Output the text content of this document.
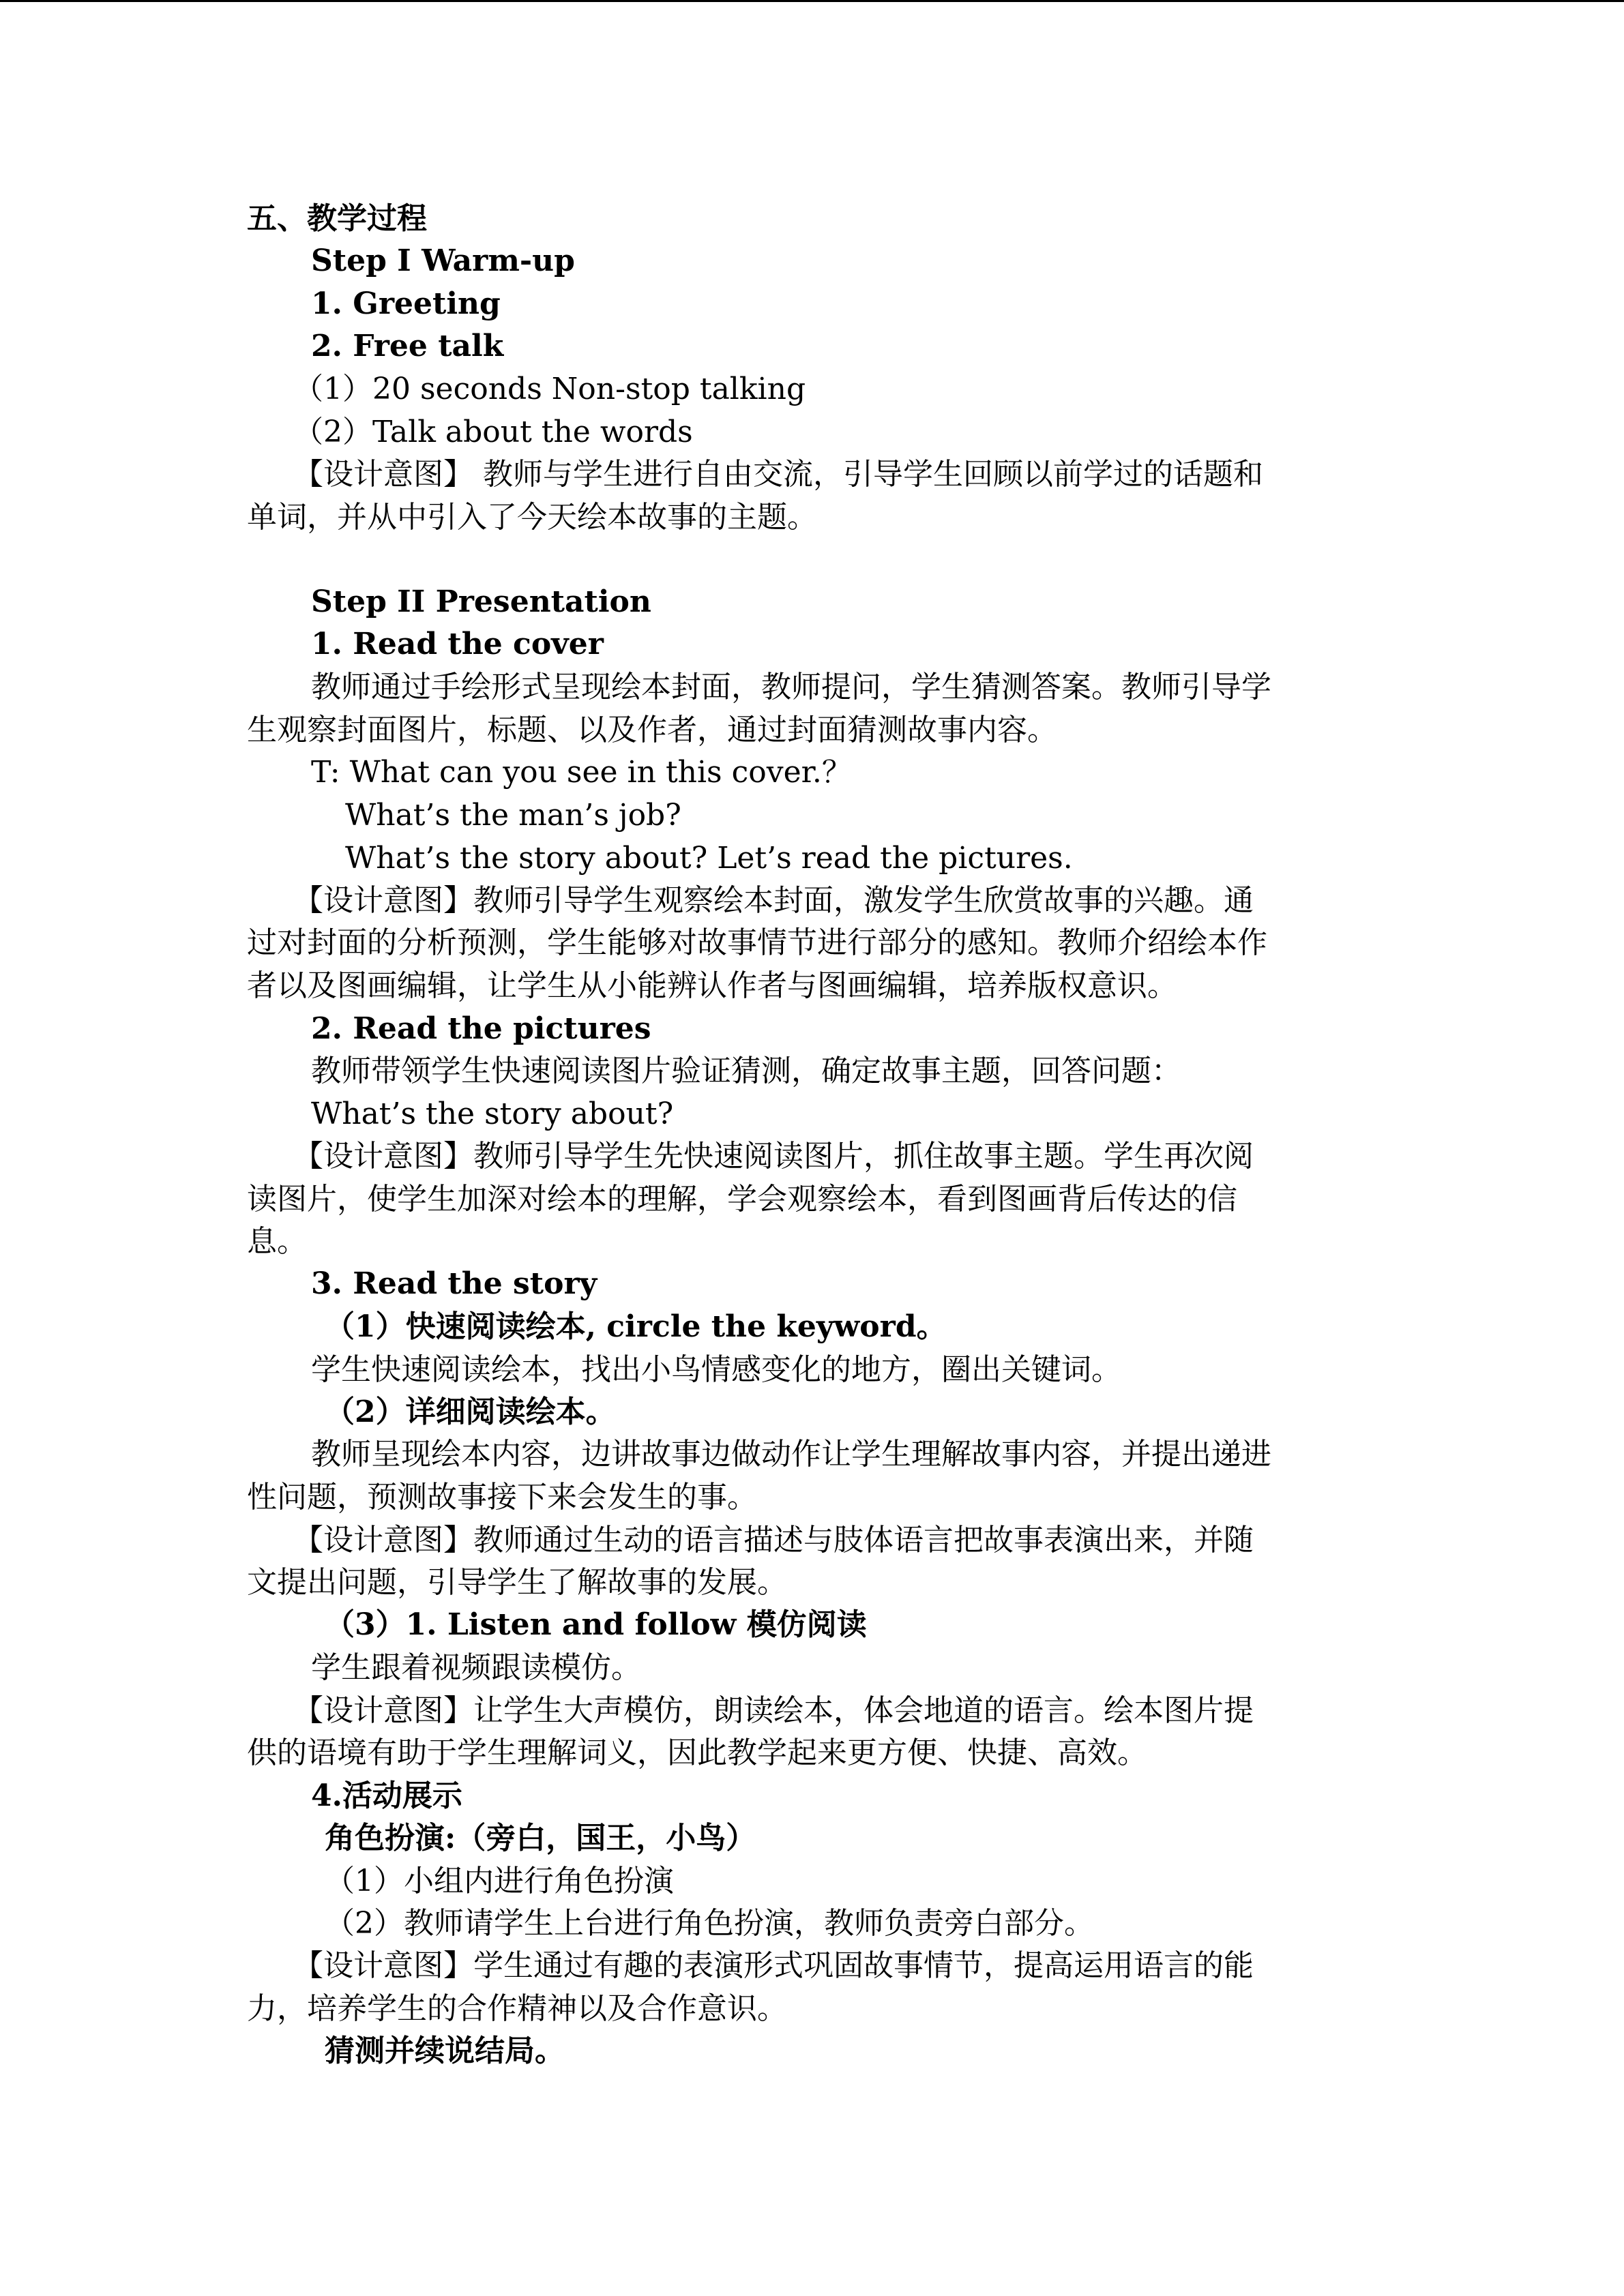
五、教学过程
Step I Warm-up
1. Greeting
2. Free talk
（1）20 seconds Non-stop talking
（2）Talk about the words
【设计意图】 教师与学生进行自由交流，引导学生回顾以前学过的话题和
单词，并从中引入了今天绘本故事的主题。
Step II Presentation
1. Read the cover
教师通过手绘形式呈现绘本封面，教师提问，学生猜测答案。教师引导学
生观察封面图片，标题、以及作者，通过封面猜测故事内容。
T: What can you see in this cover.？
What’s the man’s job?
What’s the story about? Let’s read the pictures.
【设计意图】教师引导学生观察绘本封面，激发学生欣赏故事的兴趣。通
过对封面的分析预测，学生能够对故事情节进行部分的感知。教师介绍绘本作
者以及图画编辑，让学生从小能辨认作者与图画编辑，培养版权意识。
2. Read the pictures
教师带领学生快速阅读图片验证猜测，确定故事主题，回答问题：
What’s the story about?
【设计意图】教师引导学生先快速阅读图片，抓住故事主题。学生再次阅
读图片，使学生加深对绘本的理解，学会观察绘本，看到图画背后传达的信
息。
3. Read the story
（1）快速阅读绘本, circle the keyword。
学生快速阅读绘本，找出小鸟情感变化的地方，圈出关键词。
（2）详细阅读绘本。
教师呈现绘本内容，边讲故事边做动作让学生理解故事内容，并提出递进
性问题，预测故事接下来会发生的事。
【设计意图】教师通过生动的语言描述与肢体语言把故事表演出来，并随
文提出问题，引导学生了解故事的发展。
（3）1. Listen and follow 模仿阅读
学生跟着视频跟读模仿。
【设计意图】让学生大声模仿，朗读绘本，体会地道的语言。绘本图片提
供的语境有助于学生理解词义，因此教学起来更方便、快捷、高效。
4.活动展示
角色扮演:（旁白，国王，小鸟）
（1）小组内进行角色扮演
（2）教师请学生上台进行角色扮演，教师负责旁白部分。
【设计意图】学生通过有趣的表演形式巩固故事情节，提高运用语言的能
力，培养学生的合作精神以及合作意识。
猜测并续说结局。
